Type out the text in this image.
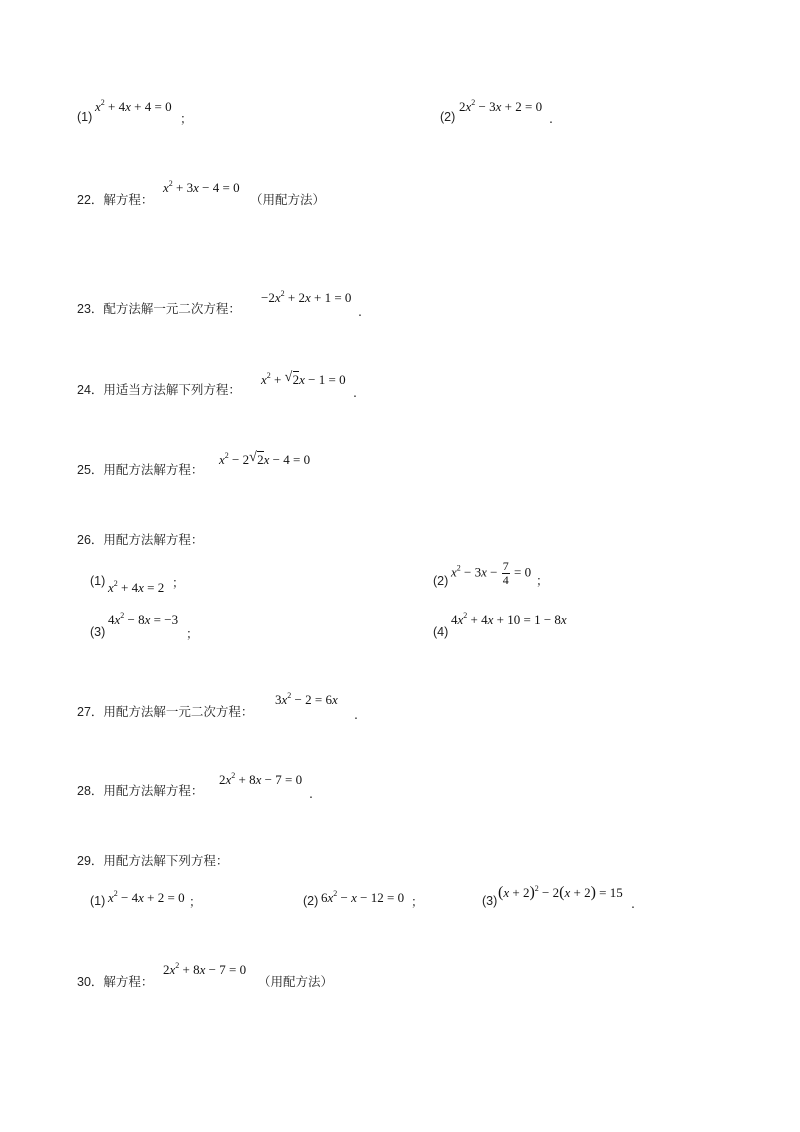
(1)
$x^2 + 4x + 4 = 0$
；	(2)
$2x^2 - 3x + 2 = 0$
.
22．解方程：
$x^2 + 3x - 4 = 0$
（用配方法）
23．配方法解一元二次方程：
$-2x^2 + 2x + 1 = 0$
.
24．用适当方法解下列方程：
$x^2$ + √ 2x − 1 = 0
.
25．用配方法解方程：
$x^2 - 2$ √ 2x − 4 = 0
26．用配方法解方程：
(1) $x^2 + 4x = 2$ ；	(2)
$x^2 - 3x - \frac{7}{4} = 0$
；
(3)
$4x^2 - 8x = -3$
；	(4)
$4x^2 + 4x + 10 = 1 - 8x$
27．用配方法解一元二次方程：
$3x^2 - 2 = 6x$
.
28．用配方法解方程：
$2x^2 + 8x - 7 = 0$
.
29．用配方法解下列方程：
(1) $x^2 - 4x + 2 = 0$ ；	(2) $6x^2 - x - 12 = 0$ ；	(3) $(x + 2)^2 - 2(x + 2) = 15$
.
30．解方程：
$2x^2 + 8x - 7 = 0$
（用配方法）
